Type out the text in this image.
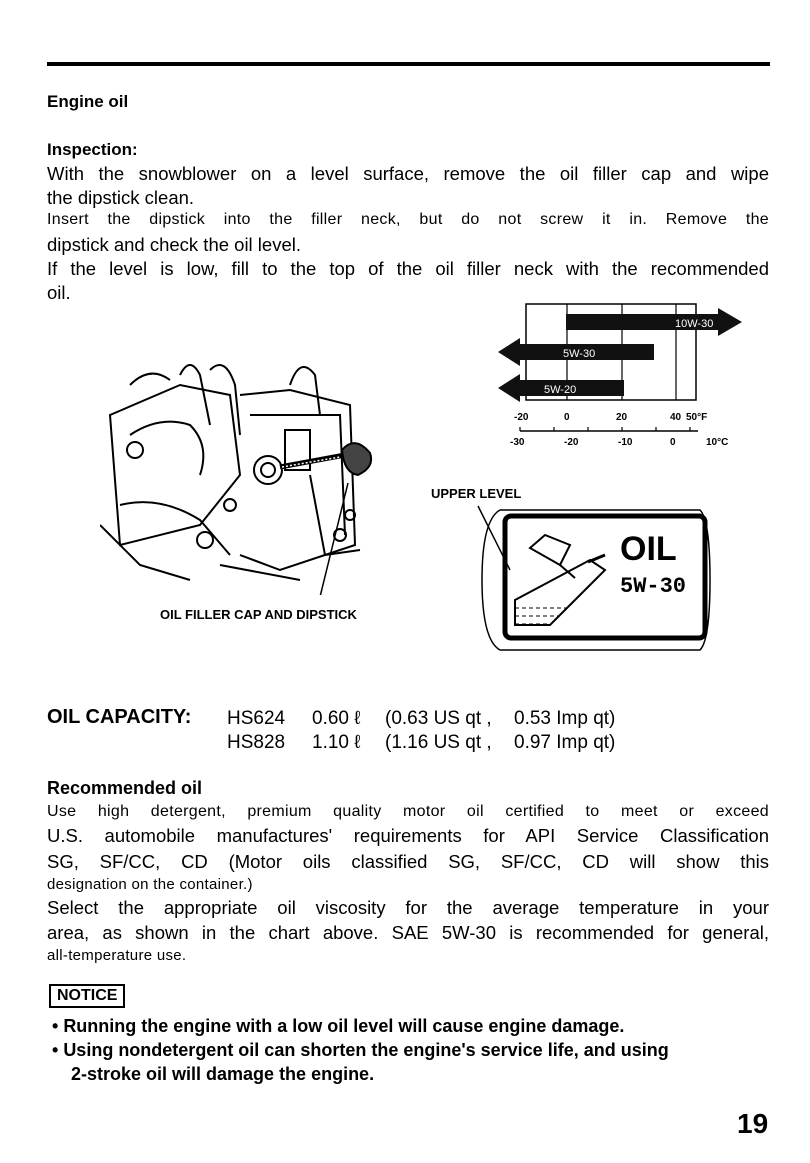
Engine oil
Inspection:
With the snowblower on a level surface, remove the oil filler cap and wipe
the dipstick clean.
Insert the dipstick into the filler neck, but do not screw it in. Remove the
dipstick and check the oil level.
If the level is low, fill to the top of the oil filler neck with the recommended
oil.
OIL FILLER CAP AND DIPSTICK
10W-30
5W-30
5W-20
-20	0	20	40 50°F
-30	-20	-10	0	10°C
UPPER LEVEL
OIL
5W-30
OIL CAPACITY: HS624 0.60 ℓ (0.63 US qt , 0.53 Imp qt)
HS828 1.10 ℓ (1.16 US qt , 0.97 Imp qt)
Recommended oil
Use high detergent, premium quality motor oil certified to meet or exceed
U.S. automobile manufactures' requirements for API Service Classification
SG, SF/CC, CD (Motor oils classified SG, SF/CC, CD will show this
designation on the container.)
Select the appropriate oil viscosity for the average temperature in your
area, as shown in the chart above. SAE 5W-30 is recommended for general,
all-temperature use.
NOTICE
• Running the engine with a low oil level will cause engine damage.
• Using nondetergent oil can shorten the engine's service life, and using
2-stroke oil will damage the engine.
19
